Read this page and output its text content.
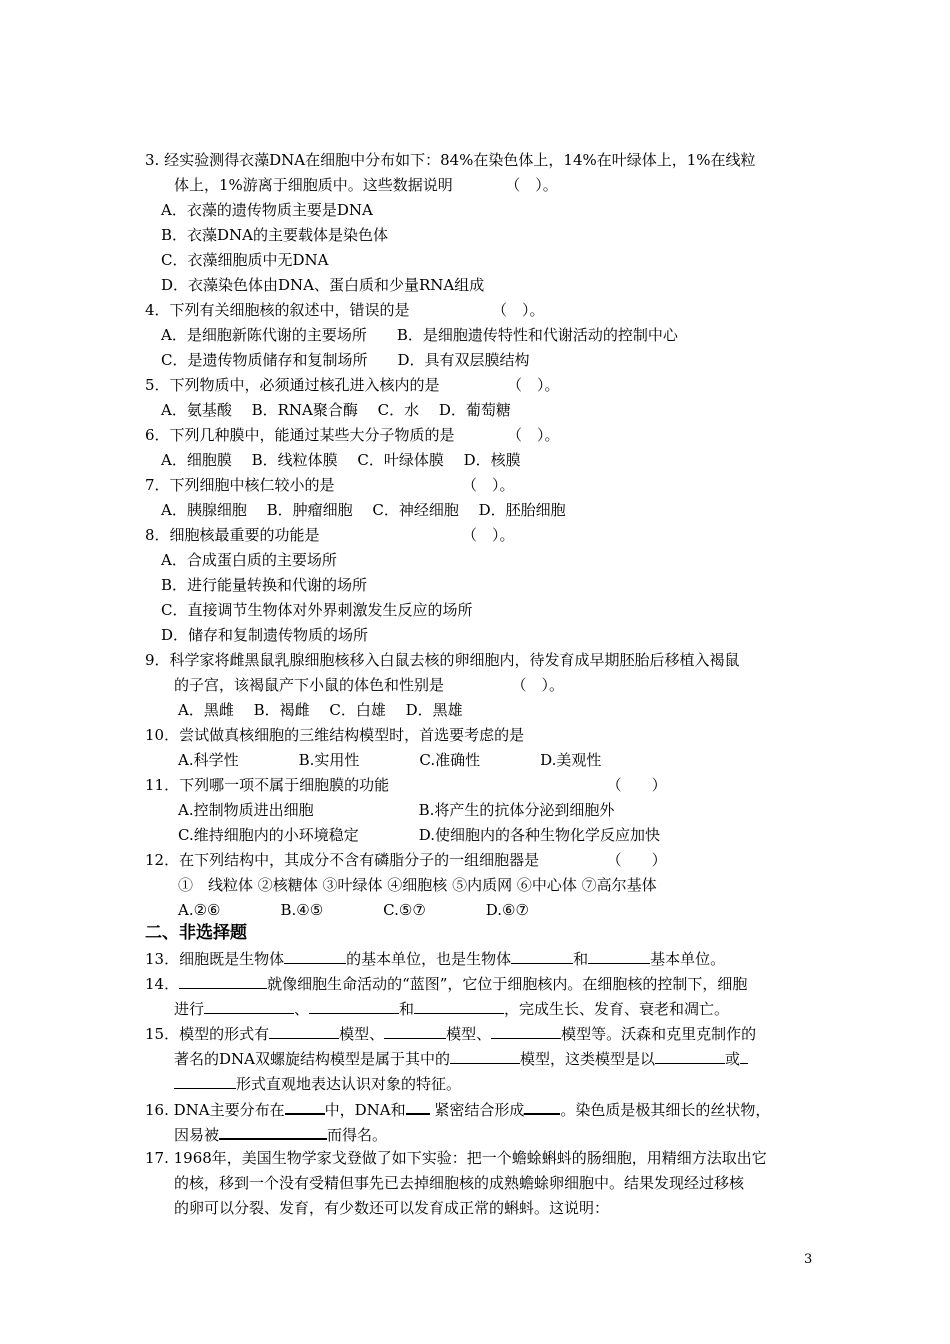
3. 经实验测得衣藻DNA在细胞中分布如下：84%在染色体上，14%在叶绿体上，1%在线粒
体上，1%游离于细胞质中。这些数据说明　　　　（　）。
A．衣藻的遗传物质主要是DNA
B．衣藻DNA的主要载体是染色体
C．衣藻细胞质中无DNA
D．衣藻染色体由DNA、蛋白质和少量RNA组成
4．下列有关细胞核的叙述中，错误的是　　　　　　（　）。
A．是细胞新陈代谢的主要场所　　B．是细胞遗传特性和代谢活动的控制中心
C．是遗传物质储存和复制场所　　D．具有双层膜结构
5．下列物质中，必须通过核孔进入核内的是　　　　　（　）。
A．氨基酸　 B．RNA聚合酶　 C．水　 D．葡萄糖
6．下列几种膜中，能通过某些大分子物质的是　　　　（　）。
A．细胞膜　 B．线粒体膜　 C．叶绿体膜　 D．核膜
7．下列细胞中核仁较小的是　　　　　　　　　（　）。
A．胰腺细胞　 B．肿瘤细胞　 C．神经细胞　 D．胚胎细胞
8．细胞核最重要的功能是　　　　　　　　　　（　）。
A．合成蛋白质的主要场所
B．进行能量转换和代谢的场所
C．直接调节生物体对外界刺激发生反应的场所
D．储存和复制遗传物质的场所
9．科学家将雌黑鼠乳腺细胞核移入白鼠去核的卵细胞内，待发育成早期胚胎后移植入褐鼠
的子宫，该褐鼠产下小鼠的体色和性别是　　　　　（　）。
A．黑雌　 B．褐雌　 C．白雄　 D．黑雄
10．尝试做真核细胞的三维结构模型时，首选要考虑的是
A.科学性　　　　B.实用性　　　　C.准确性　　　　D.美观性
11．下列哪一项不属于细胞膜的功能　　　　　　　　　　　　　　　（　　）
A.控制物质进出细胞　　　　　　　B.将产生的抗体分泌到细胞外
C.维持细胞内的小环境稳定　　　　D.使细胞内的各种生物化学反应加快
12．在下列结构中，其成分不含有磷脂分子的一组细胞器是　　　　　（　　）
①　线粒体 ②核糖体 ③叶绿体 ④细胞核 ⑤内质网 ⑥中心体 ⑦高尔基体
A.②⑥　　　　B.④⑤　　　　C.⑤⑦　　　　D.⑥⑦
二、非选择题
13．细胞既是生物体	的基本单位，也是生物体	和	基本单位。
14．	就像细胞生命活动的“蓝图”，它位于细胞核内。在细胞核的控制下，细胞
进行	、	和	，完成生长、发育、衰老和凋亡。
15．模型的形式有	模型、	模型、	模型等。沃森和克里克制作的
著名的DNA双螺旋结构模型是属于其中的	模型，这类模型是以	或
形式直观地表达认识对象的特征。
16. DNA主要分布在	中，DNA和 紧密结合形成 。染色质是极其细长的丝状物，
因易被	而得名。
17. 1968年，美国生物学家戈登做了如下实验：把一个蟾蜍蝌蚪的肠细胞，用精细方法取出它
的核，移到一个没有受精但事先已去掉细胞核的成熟蟾蜍卵细胞中。结果发现经过移核
的卵可以分裂、发育，有少数还可以发育成正常的蝌蚪。这说明：
3
